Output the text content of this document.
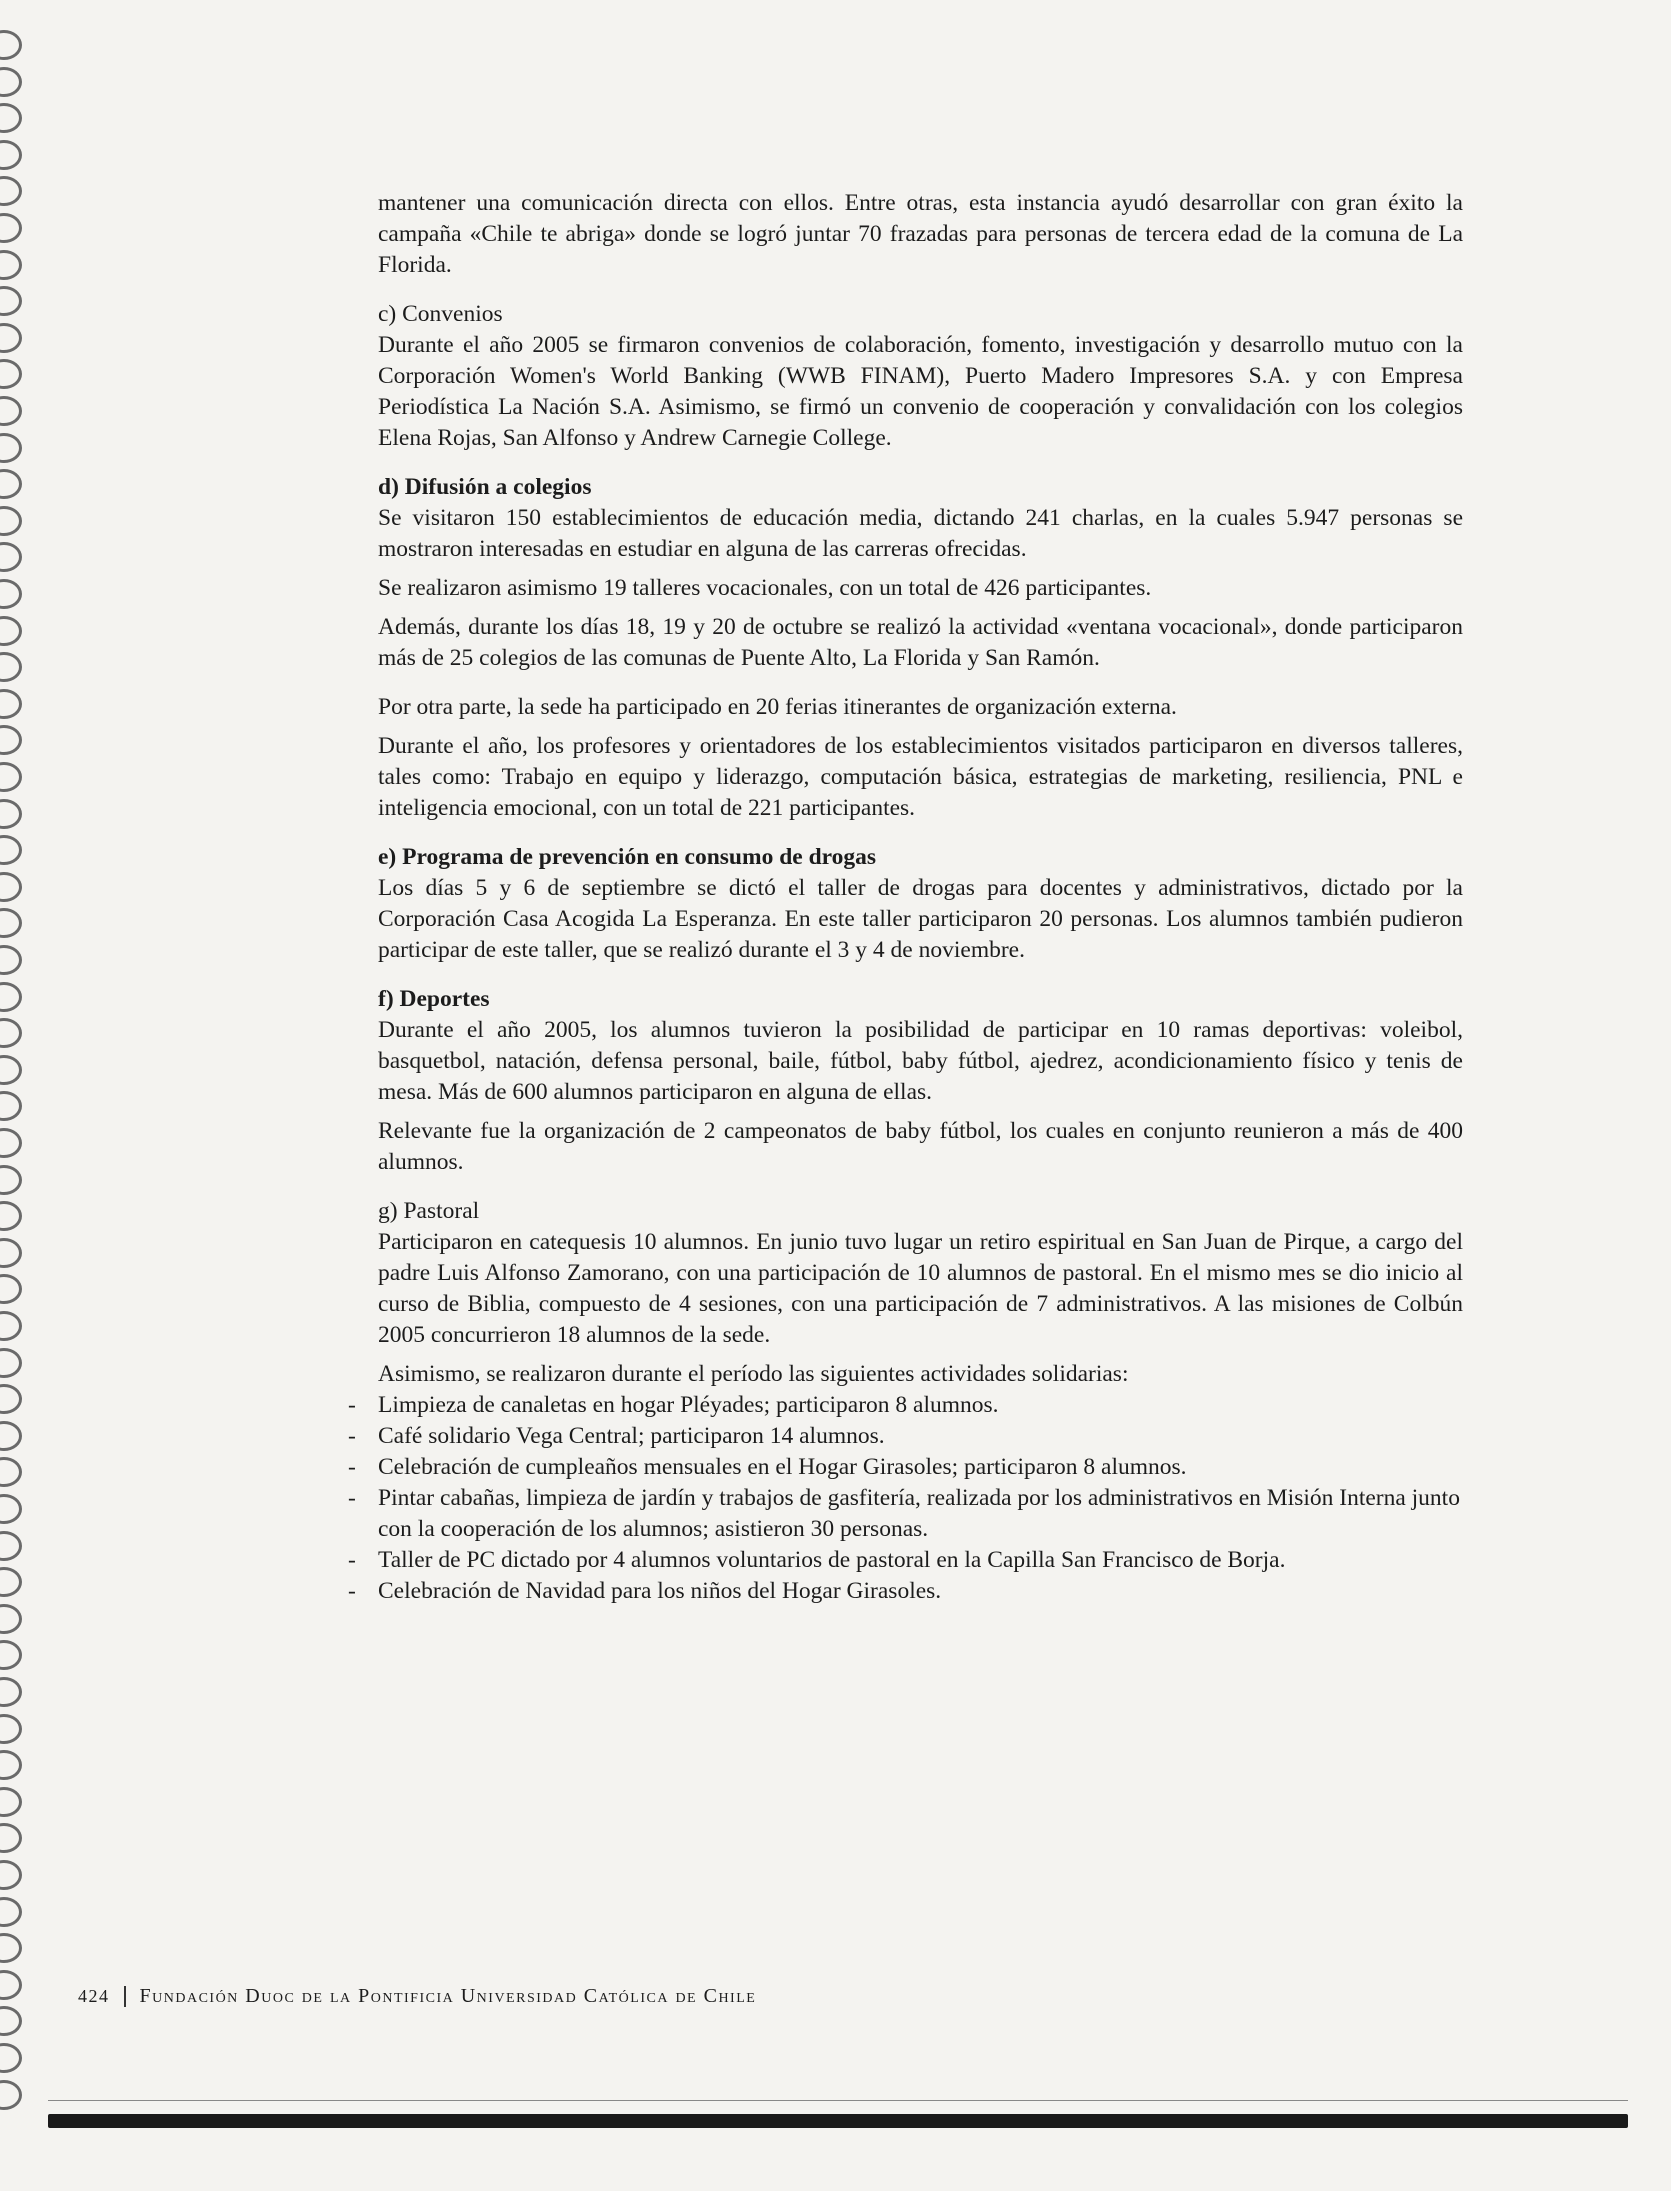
mantener una comunicación directa con ellos. Entre otras, esta instancia ayudó desarrollar con gran éxito la campaña «Chile te abriga» donde se logró juntar 70 frazadas para personas de tercera edad de la comuna de La Florida.

c) Convenios

Durante el año 2005 se firmaron convenios de colaboración, fomento, investigación y desarrollo mutuo con la Corporación Women's World Banking (WWB FINAM), Puerto Madero Impresores S.A. y con Empresa Periodística La Nación S.A. Asimismo, se firmó un convenio de cooperación y convalidación con los colegios Elena Rojas, San Alfonso y Andrew Carnegie College.

d) Difusión a colegios

Se visitaron 150 establecimientos de educación media, dictando 241 charlas, en la cuales 5.947 personas se mostraron interesadas en estudiar en alguna de las carreras ofrecidas.

Se realizaron asimismo 19 talleres vocacionales, con un total de 426 participantes.

Además, durante los días 18, 19 y 20 de octubre se realizó la actividad «ventana vocacional», donde participaron más de 25 colegios de las comunas de Puente Alto, La Florida y San Ramón.

Por otra parte, la sede ha participado en 20 ferias itinerantes de organización externa.

Durante el año, los profesores y orientadores de los establecimientos visitados participaron en diversos talleres, tales como: Trabajo en equipo y liderazgo, computación básica, estrategias de marketing, resiliencia, PNL e inteligencia emocional, con un total de 221 participantes.

e) Programa de prevención en consumo de drogas

Los días 5 y 6 de septiembre se dictó el taller de drogas para docentes y administrativos, dictado por la Corporación Casa Acogida La Esperanza. En este taller participaron 20 personas. Los alumnos también pudieron participar de este taller, que se realizó durante el 3 y 4 de noviembre.

f) Deportes

Durante el año 2005, los alumnos tuvieron la posibilidad de participar en 10 ramas deportivas: voleibol, basquetbol, natación, defensa personal, baile, fútbol, baby fútbol, ajedrez, acondicionamiento físico y tenis de mesa. Más de 600 alumnos participaron en alguna de ellas.

Relevante fue la organización de 2 campeonatos de baby fútbol, los cuales en conjunto reunieron a más de 400 alumnos.

g) Pastoral

Participaron en catequesis 10 alumnos. En junio tuvo lugar un retiro espiritual en San Juan de Pirque, a cargo del padre Luis Alfonso Zamorano, con una participación de 10 alumnos de pastoral. En el mismo mes se dio inicio al curso de Biblia, compuesto de 4 sesiones, con una participación de 7 administrativos. A las misiones de Colbún 2005 concurrieron 18 alumnos de la sede.

Asimismo, se realizaron durante el período las siguientes actividades solidarias:

- Limpieza de canaletas en hogar Pléyades; participaron 8 alumnos.
- Café solidario Vega Central; participaron 14 alumnos.
- Celebración de cumpleaños mensuales en el Hogar Girasoles; participaron 8 alumnos.
- Pintar cabañas, limpieza de jardín y trabajos de gasfitería, realizada por los administrativos en Misión Interna junto con la cooperación de los alumnos; asistieron 30 personas.
- Taller de PC dictado por 4 alumnos voluntarios de pastoral en la Capilla San Francisco de Borja.
- Celebración de Navidad para los niños del Hogar Girasoles.
424	Fundación Duoc de la Pontificia Universidad Católica de Chile
